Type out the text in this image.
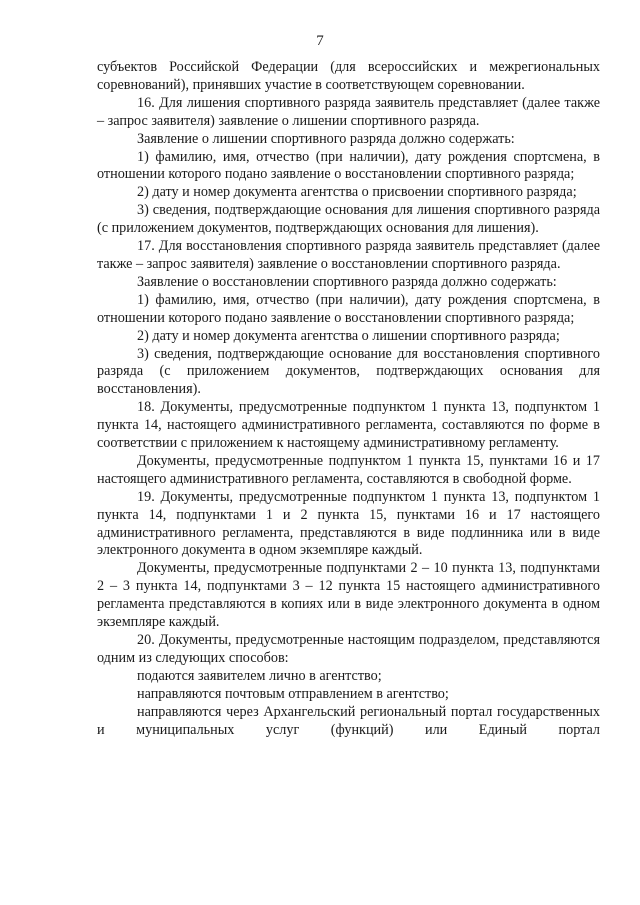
7

субъектов Российской Федерации (для всероссийских и межрегиональных соревнований), принявших участие в соответствующем соревновании.

16. Для лишения спортивного разряда заявитель представляет (далее также – запрос заявителя) заявление о лишении спортивного разряда.

Заявление о лишении спортивного разряда должно содержать:

1) фамилию, имя, отчество (при наличии), дату рождения спортсмена, в отношении которого подано заявление о восстановлении спортивного разряда;

2) дату и номер документа агентства о присвоении спортивного разряда;

3) сведения, подтверждающие основания для лишения спортивного разряда (с приложением документов, подтверждающих основания для лишения).

17. Для восстановления спортивного разряда заявитель представляет (далее также – запрос заявителя) заявление о восстановлении спортивного разряда.

Заявление о восстановлении спортивного разряда должно содержать:

1) фамилию, имя, отчество (при наличии), дату рождения спортсмена, в отношении которого подано заявление о восстановлении спортивного разряда;

2) дату и номер документа агентства о лишении спортивного разряда;

3) сведения, подтверждающие основание для восстановления спортивного разряда (с приложением документов, подтверждающих основания для восстановления).

18. Документы, предусмотренные подпунктом 1 пункта 13, подпунктом 1 пункта 14, настоящего административного регламента, составляются по форме в соответствии с приложением к настоящему административному регламенту.

Документы, предусмотренные подпунктом 1 пункта 15, пунктами 16 и 17 настоящего административного регламента, составляются в свободной форме.

19. Документы, предусмотренные подпунктом 1 пункта 13, подпунктом 1 пункта 14, подпунктами 1 и 2 пункта 15, пунктами 16 и 17 настоящего административного регламента, представляются в виде подлинника или в виде электронного документа в одном экземпляре каждый.

Документы, предусмотренные подпунктами 2 – 10 пункта 13, подпунктами 2 – 3 пункта 14, подпунктами 3 – 12 пункта 15 настоящего административного регламента представляются в копиях или в виде электронного документа в одном экземпляре каждый.

20. Документы, предусмотренные настоящим подразделом, представляются одним из следующих способов:

подаются заявителем лично в агентство;

направляются почтовым отправлением в агентство;

направляются через Архангельский региональный портал государственных и муниципальных услуг (функций) или Единый портал
